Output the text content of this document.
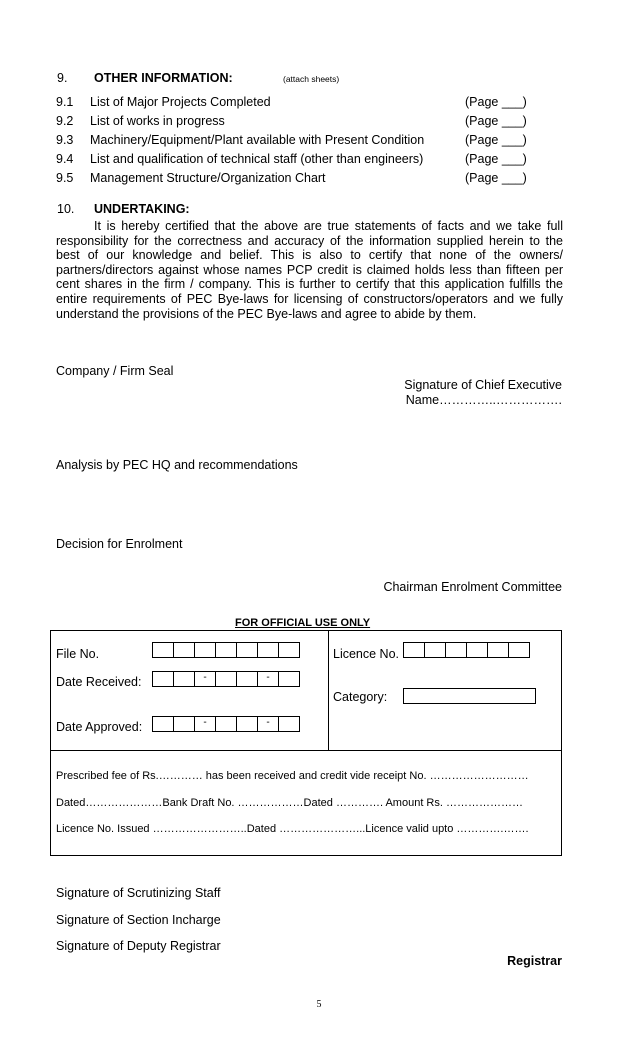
9. OTHER INFORMATION:	(attach sheets)
9.1 List of Major Projects Completed	(Page ___)
9.2 List of works in progress	(Page ___)
9.3 Machinery/Equipment/Plant available with Present Condition	(Page ___)
9.4 List and qualification of technical staff (other than engineers)	(Page ___)
9.5 Management Structure/Organization Chart	(Page ___)
10. UNDERTAKING:
It is hereby certified that the above are true statements of facts and we take full responsibility for the correctness and accuracy of the information supplied herein to the best of our knowledge and belief. This is also to certify that none of the owners/ partners/directors against whose names PCP credit is claimed holds less than fifteen per cent shares in the firm / company. This is further to certify that this application fulfills the entire requirements of PEC Bye-laws for licensing of constructors/operators and we fully understand the provisions of the PEC Bye-laws and agree to abide by them.
Company / Firm Seal
Signature of Chief Executive
Name…………..…………….
Analysis by PEC HQ and recommendations
Decision for Enrolment
Chairman Enrolment Committee
FOR OFFICIAL USE ONLY
File No.
Date Received:	-	-
Date Approved:	-	-
Licence No.
Category:
Prescribed fee of Rs.………… has been received and credit vide receipt No. ………………………
Dated…………………Bank Draft No. ………………Dated …………. Amount Rs. …………………
Licence No. Issued ……………………..Dated …………………...Licence valid upto ………….…….
Signature of Scrutinizing Staff
Signature of Section Incharge
Signature of Deputy Registrar
Registrar
5
